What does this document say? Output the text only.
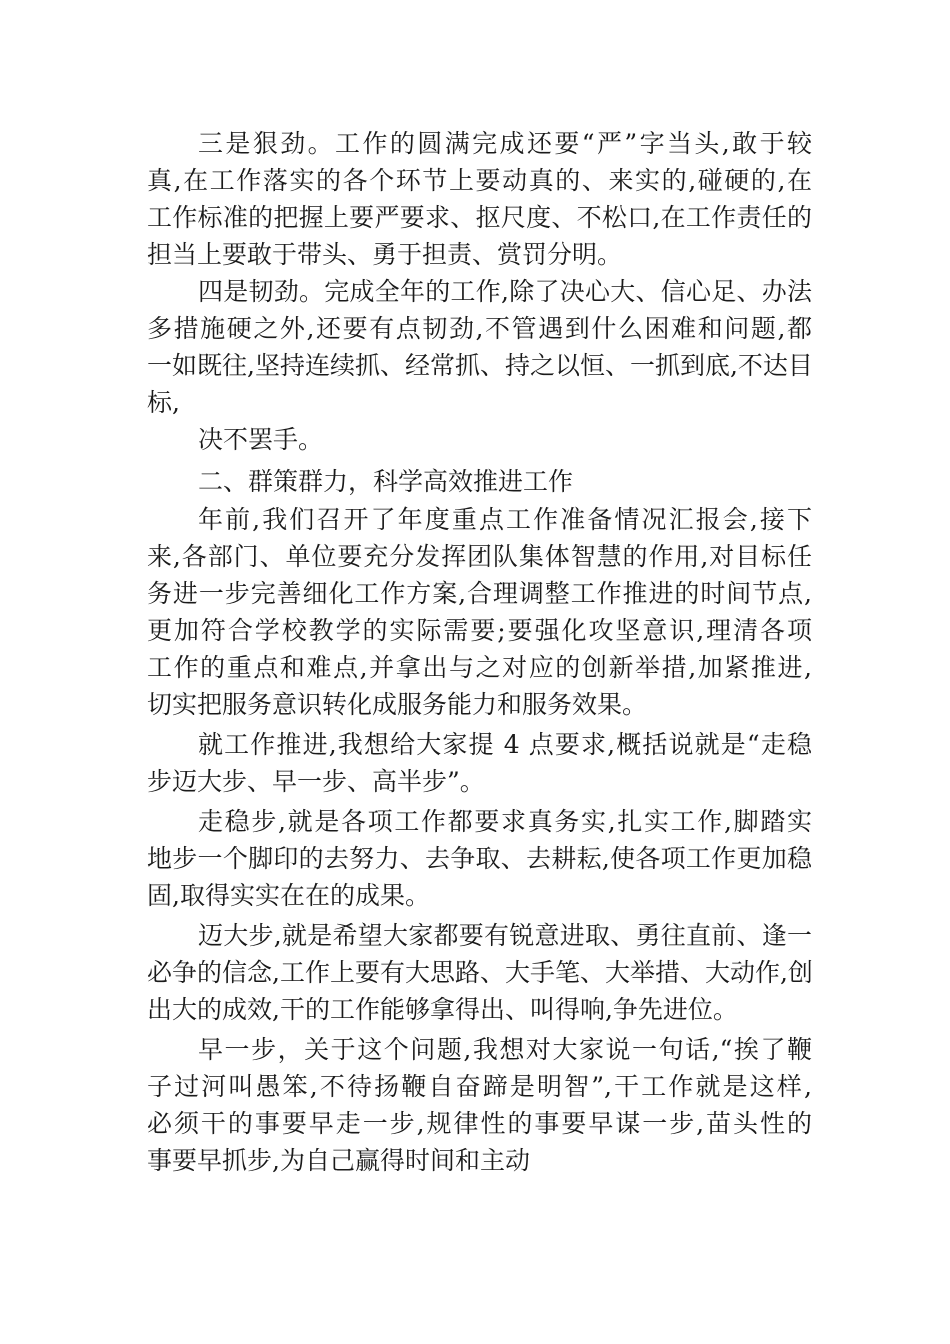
三是狠劲。工作的圆满完成还要“严”字当头,敢于较
真,在工作落实的各个环节上要动真的、来实的,碰硬的,在
工作标准的把握上要严要求、抠尺度、不松口,在工作责任的
担当上要敢于带头、勇于担责、赏罚分明。
四是韧劲。完成全年的工作,除了决心大、信心足、办法
多措施硬之外,还要有点韧劲,不管遇到什么困难和问题,都
一如既往,坚持连续抓、经常抓、持之以恒、一抓到底,不达目
标,
决不罢手。
二、群策群力，科学高效推进工作
年前,我们召开了年度重点工作准备情况汇报会,接下
来,各部门、单位要充分发挥团队集体智慧的作用,对目标任
务进一步完善细化工作方案,合理调整工作推进的时间节点,
更加符合学校教学的实际需要;要强化攻坚意识,理清各项
工作的重点和难点,并拿出与之对应的创新举措,加紧推进,
切实把服务意识转化成服务能力和服务效果。
就工作推进,我想给大家提 4 点要求,概括说就是“走稳
步迈大步、早一步、高半步”。
走稳步,就是各项工作都要求真务实,扎实工作,脚踏实
地步一个脚印的去努力、去争取、去耕耘,使各项工作更加稳
固,取得实实在在的成果。
迈大步,就是希望大家都要有锐意进取、勇往直前、逢一
必争的信念,工作上要有大思路、大手笔、大举措、大动作,创
出大的成效,干的工作能够拿得出、叫得响,争先进位。
早一步，关于这个问题,我想对大家说一句话,“挨了鞭
子过河叫愚笨,不待扬鞭自奋蹄是明智”,干工作就是这样,
必须干的事要早走一步,规律性的事要早谋一步,苗头性的
事要早抓步,为自己赢得时间和主动
